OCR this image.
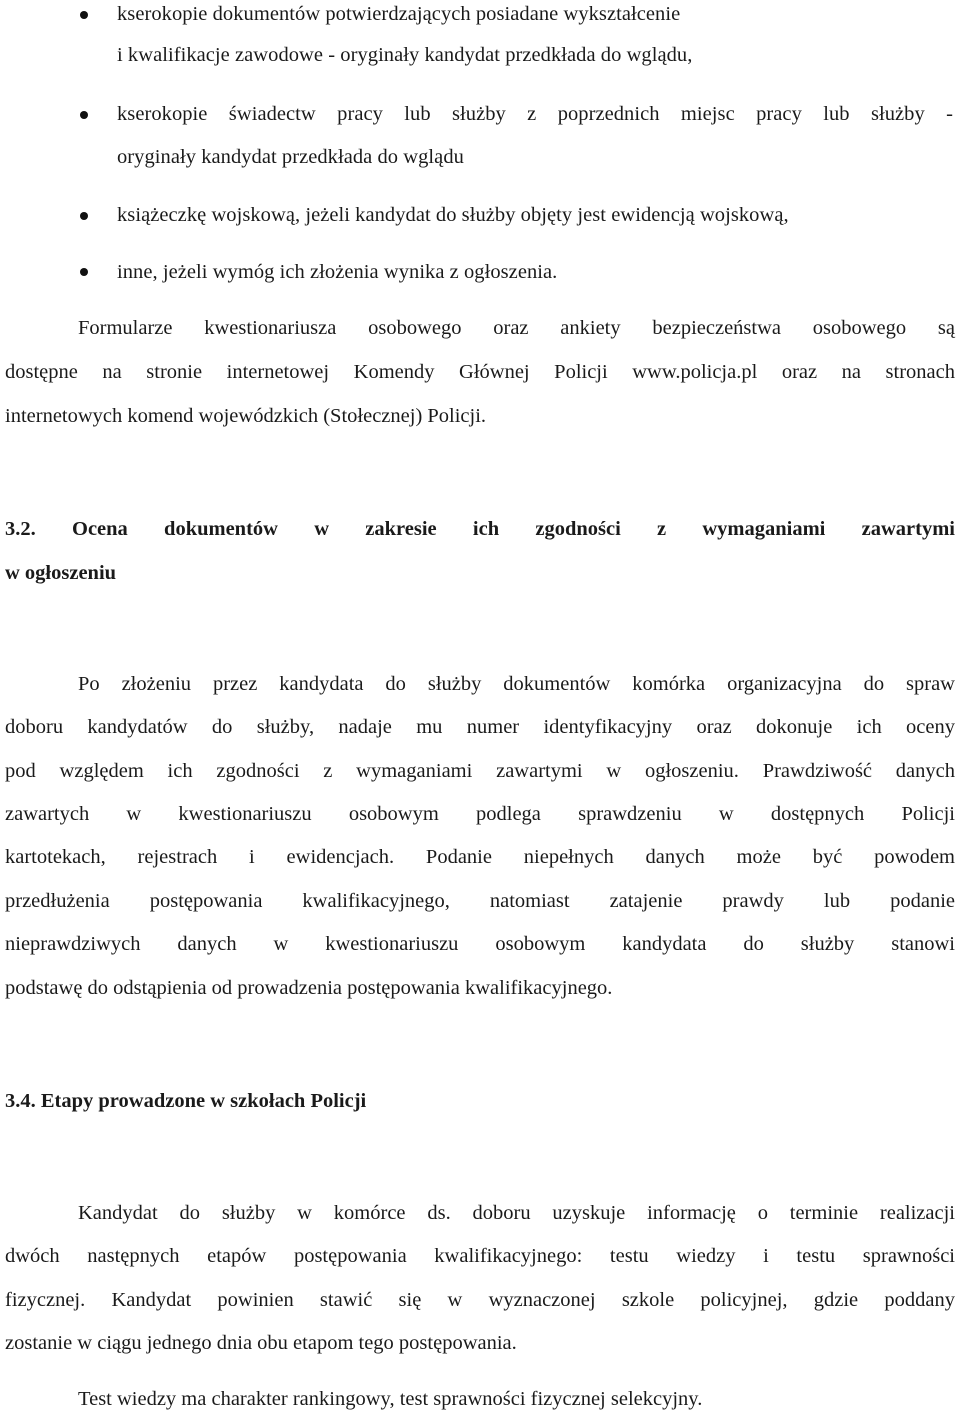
kserokopie dokumentów potwierdzających posiadane wykształcenie
i kwalifikacje zawodowe - oryginały kandydat przedkłada do wglądu,
kserokopie świadectw pracy lub służby z poprzednich miejsc pracy lub służby -
oryginały kandydat przedkłada do wglądu
książeczkę wojskową, jeżeli kandydat do służby objęty jest ewidencją wojskową,
inne, jeżeli wymóg ich złożenia wynika z ogłoszenia.
Formularze kwestionariusza osobowego oraz ankiety bezpieczeństwa osobowego są
dostępne na stronie internetowej Komendy Głównej Policji www.policja.pl oraz na stronach
internetowych komend wojewódzkich (Stołecznej) Policji.
3.2. Ocena dokumentów w zakresie ich zgodności z wymaganiami zawartymi
w ogłoszeniu
Po złożeniu przez kandydata do służby dokumentów komórka organizacyjna do spraw
doboru kandydatów do służby, nadaje mu numer identyfikacyjny oraz dokonuje ich oceny
pod względem ich zgodności z wymaganiami zawartymi w ogłoszeniu. Prawdziwość danych
zawartych w kwestionariuszu osobowym podlega sprawdzeniu w dostępnych Policji
kartotekach, rejestrach i ewidencjach. Podanie niepełnych danych może być powodem
przedłużenia postępowania kwalifikacyjnego, natomiast zatajenie prawdy lub podanie
nieprawdziwych danych w kwestionariuszu osobowym kandydata do służby stanowi
podstawę do odstąpienia od prowadzenia postępowania kwalifikacyjnego.
3.4. Etapy prowadzone w szkołach Policji
Kandydat do służby w komórce ds. doboru uzyskuje informację o terminie realizacji
dwóch następnych etapów postępowania kwalifikacyjnego: testu wiedzy i testu sprawności
fizycznej. Kandydat powinien stawić się w wyznaczonej szkole policyjnej, gdzie poddany
zostanie w ciągu jednego dnia obu etapom tego postępowania.
Test wiedzy ma charakter rankingowy, test sprawności fizycznej selekcyjny.
